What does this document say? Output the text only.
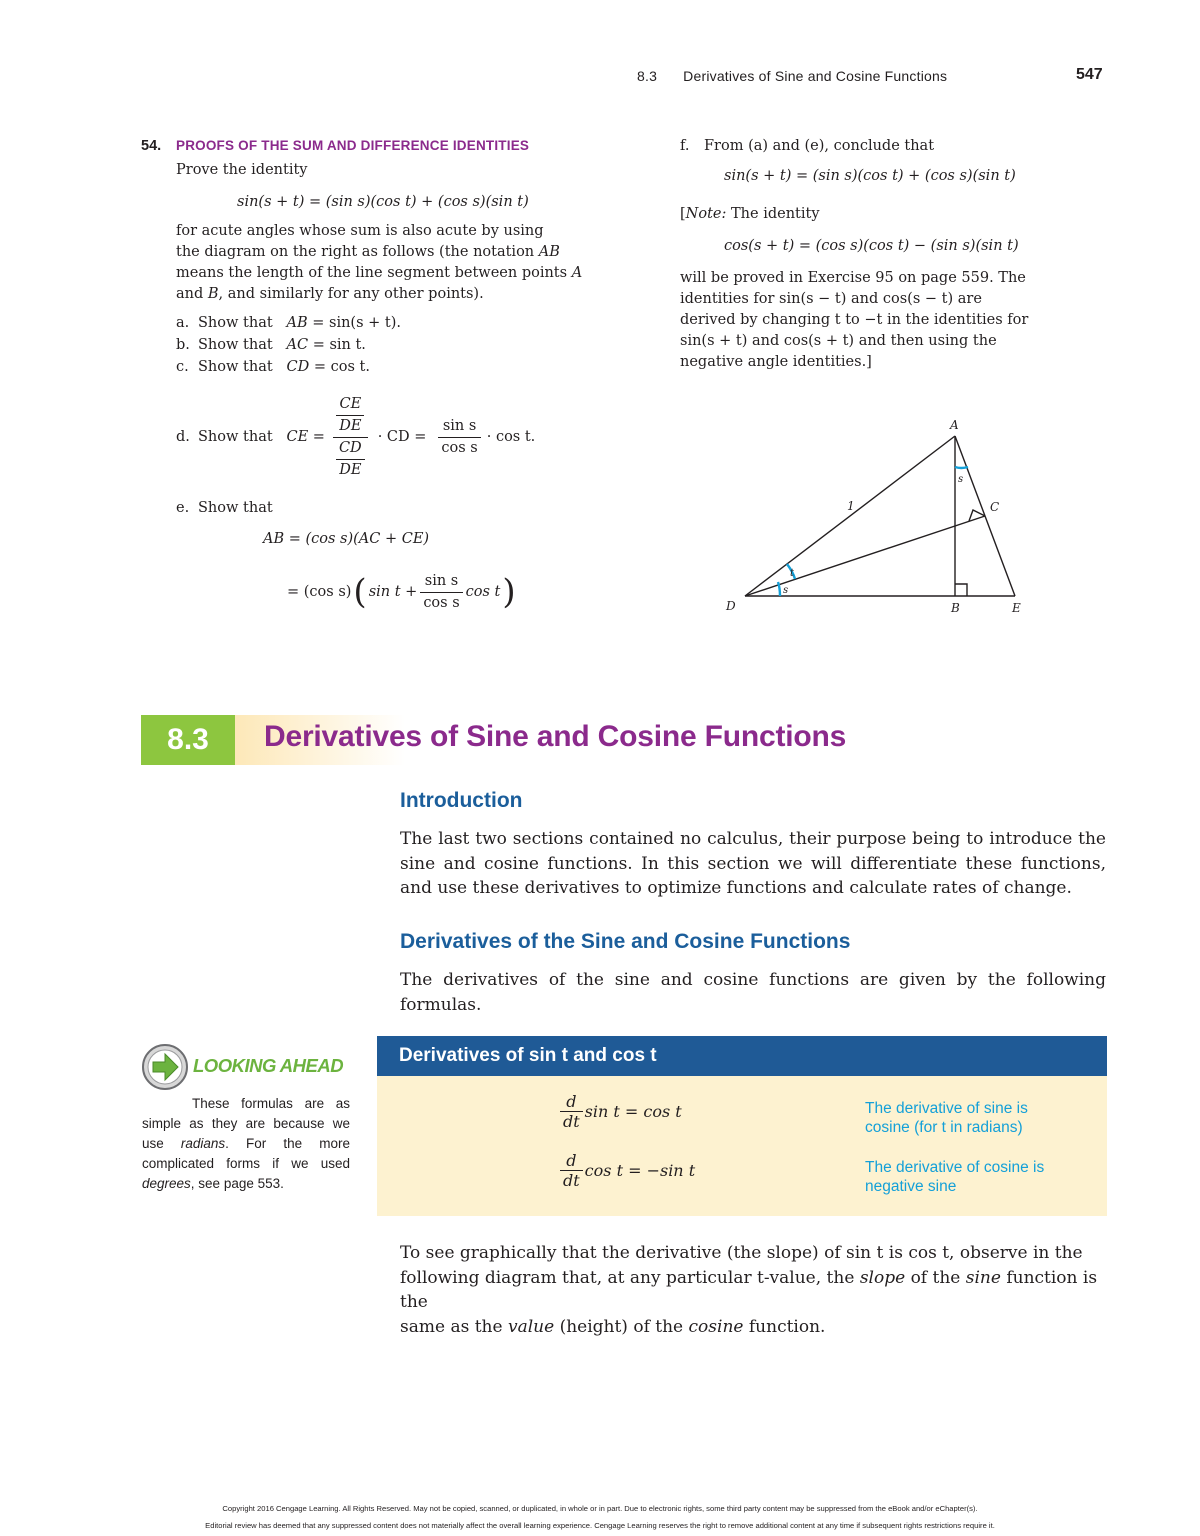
8.3 Derivatives of Sine and Cosine Functions	547
54. PROOFS OF THE SUM AND DIFFERENCE IDENTITIES
Prove the identity
sin(s + t) = (sin s)(cos t) + (cos s)(sin t)
for acute angles whose sum is also acute by using
the diagram on the right as follows (the notation AB
means the length of the line segment between points A
and B, and similarly for any other points).
a. Show that AB = sin(s + t).
b. Show that AC = sin t.
c. Show that CD = cos t.
d. Show that
CE = $\frac{\frac{CE}{DE}}{\frac{CD}{DE}}$ · CD = $\frac{\text{sin s}}{\text{cos s}} \cdot \cos t$.
e. Show that
AB = (cos s)(AC + CE)
= (cos s) ( $\sin t + \frac{\text{sin s}}{\text{cos s}}$ cos t )
f. From (a) and (e), conclude that
sin(s + t) = (sin s)(cos t) + (cos s)(sin t)
[Note: The identity
cos(s + t) = (cos s)(cos t) − (sin s)(sin t)
will be proved in Exercise 95 on page 559. The
identities for sin(s − t) and cos(s − t) are
derived by changing t to −t in the identities for
sin(s + t) and cos(s + t) and then using the
negative angle identities.]
A
B
C
D	E
1
t
s
s
8.3	Derivatives of Sine and Cosine Functions
Introduction
The last two sections contained no calculus, their purpose being to introduce the sine and cosine functions. In this section we will differentiate these functions, and use these derivatives to optimize functions and calculate rates of change.
Derivatives of the Sine and Cosine Functions
The derivatives of the sine and cosine functions are given by the following formulas.
LOOKING AHEAD
These formulas are as simple as they are because we use radians. For the more complicated forms if we used degrees, see page 553.
Derivatives of sin t and cos t
$\frac{d}{dt}$ sin t = cos t	The derivative of sine is
cosine (for t in radians)
$\frac{d}{dt}$ cos t = −sin t	The derivative of cosine is
negative sine
To see graphically that the derivative (the slope) of sin t is cos t, observe in the
following diagram that, at any particular t-value, the slope of the sine function is the
same as the value (height) of the cosine function.
Copyright 2016 Cengage Learning. All Rights Reserved. May not be copied, scanned, or duplicated, in whole or in part. Due to electronic rights, some third party content may be suppressed from the eBook and/or eChapter(s).
Editorial review has deemed that any suppressed content does not materially affect the overall learning experience. Cengage Learning reserves the right to remove additional content at any time if subsequent rights restrictions require it.
